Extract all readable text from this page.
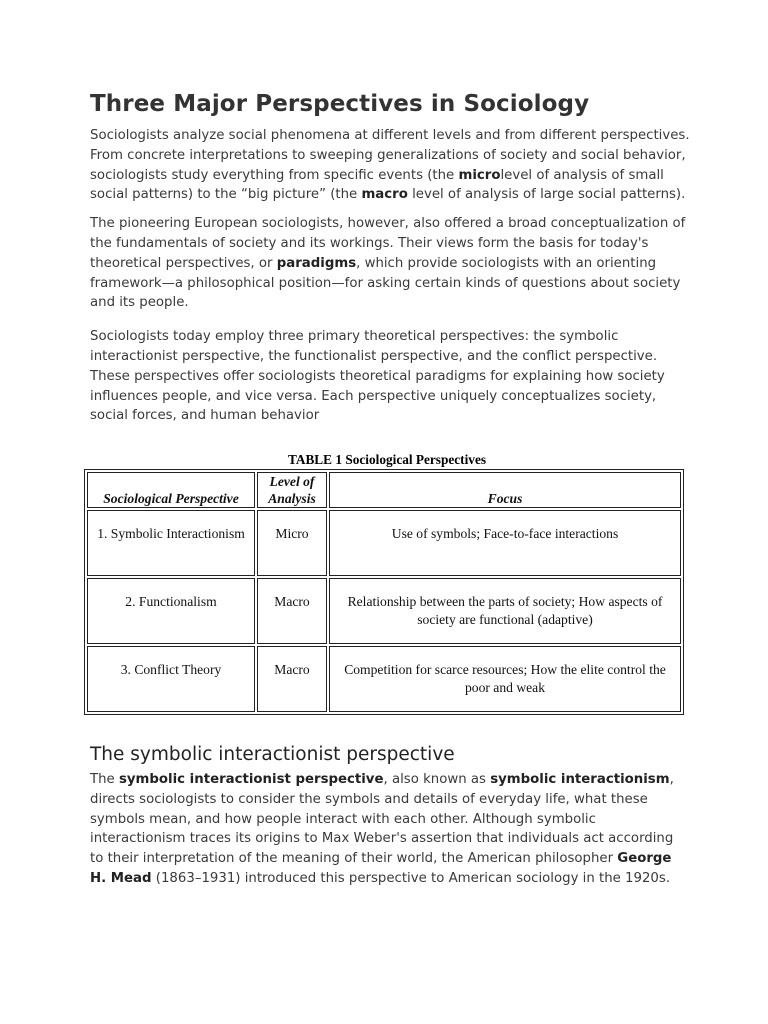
Three Major Perspectives in Sociology

Sociologists analyze social phenomena at different levels and from different perspectives. From concrete interpretations to sweeping generalizations of society and social behavior, sociologists study everything from specific events (the microlevel of analysis of small social patterns) to the “big picture” (the macro level of analysis of large social patterns).

The pioneering European sociologists, however, also offered a broad conceptualization of the fundamentals of society and its workings. Their views form the basis for today's theoretical perspectives, or paradigms, which provide sociologists with an orienting framework—a philosophical position—for asking certain kinds of questions about society and its people.

Sociologists today employ three primary theoretical perspectives: the symbolic interactionist perspective, the functionalist perspective, and the conflict perspective. These perspectives offer sociologists theoretical paradigms for explaining how society influences people, and vice versa. Each perspective uniquely conceptualizes society, social forces, and human behavior

TABLE 1 Sociological Perspectives
Sociological Perspective	Level of Analysis	Focus
1. Symbolic Interactionism	Micro	Use of symbols; Face-to-face interactions
2. Functionalism	Macro	Relationship between the parts of society; How aspects of society are functional (adaptive)
3. Conflict Theory	Macro	Competition for scarce resources; How the elite control the poor and weak
The symbolic interactionist perspective

The symbolic interactionist perspective, also known as symbolic interactionism, directs sociologists to consider the symbols and details of everyday life, what these symbols mean, and how people interact with each other. Although symbolic interactionism traces its origins to Max Weber's assertion that individuals act according to their interpretation of the meaning of their world, the American philosopher George H. Mead (1863–1931) introduced this perspective to American sociology in the 1920s.
